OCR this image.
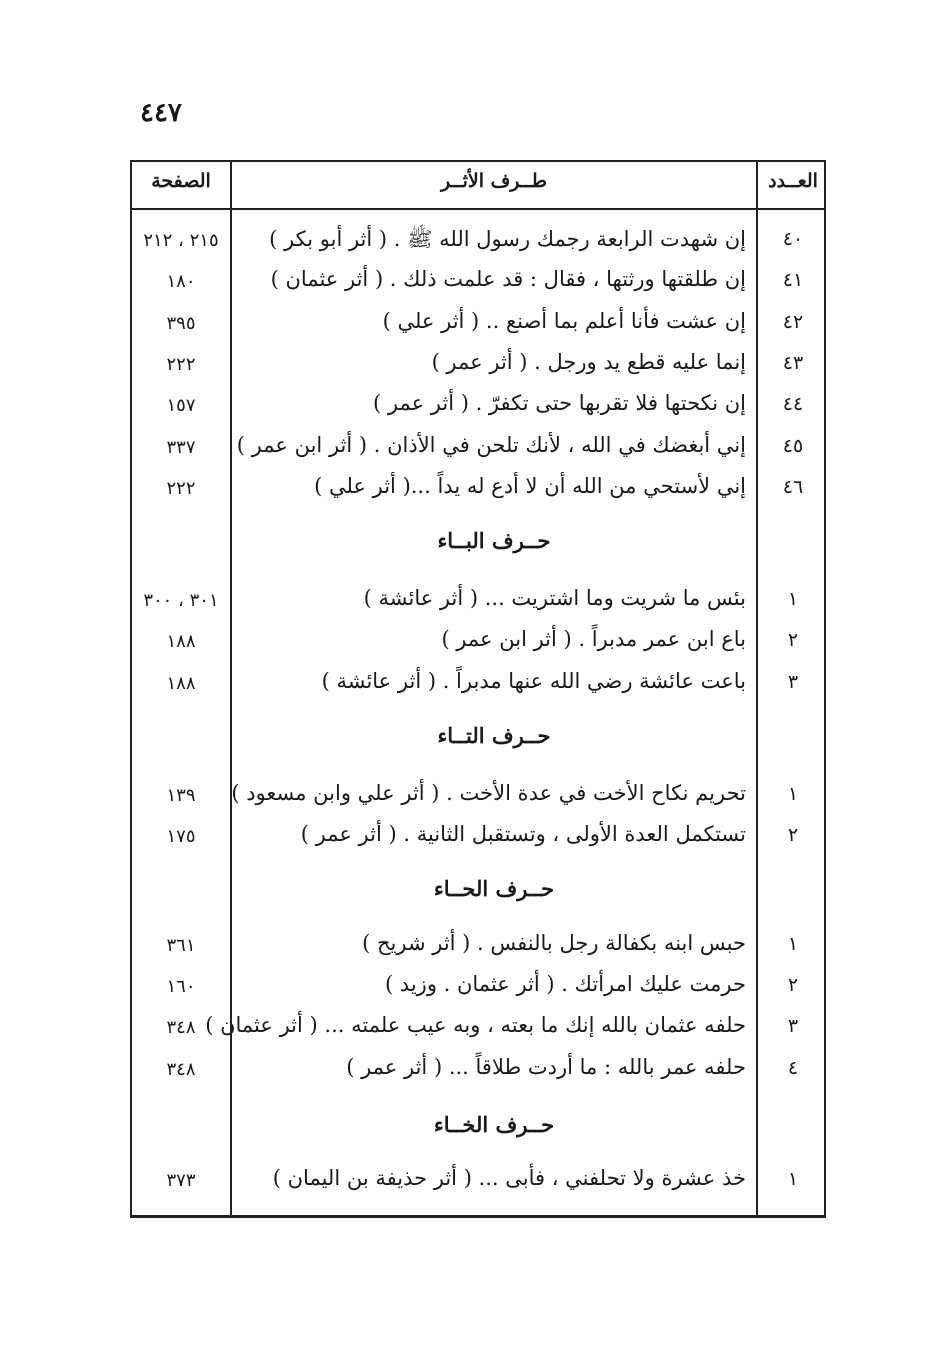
٤٤٧
الصفحة	طــرف الأثــر	العــدد
٤٠
إن شهدت الرابعة رجمك رسول الله ﷺ . ( أثر أبو بكر )
٢١٥ ، ٢١٢
٤١
إن طلقتها ورثتها ، فقال : قد علمت ذلك . ( أثر عثمان )
١٨٠
٤٢
إن عشت فأنا أعلم بما أصنع .. ( أثر علي )
٣٩٥
٤٣
إنما عليه قطع يد ورجل . ( أثر عمر )
٢٢٢
٤٤
إن نكحتها فلا تقربها حتى تكفرّ . ( أثر عمر )
١٥٧
٤٥
إني أبغضك في الله ، لأنك تلحن في الأذان . ( أثر ابن عمر )
٣٣٧
٤٦
إني لأستحي من الله أن لا أدع له يداً ...( أثر علي )
٢٢٢
حــرف البــاء
١
بئس ما شريت وما اشتريت ... ( أثر عائشة )
٣٠١ ، ٣٠٠
٢
باع ابن عمر مدبراً . ( أثر ابن عمر )
١٨٨
٣
باعت عائشة رضي الله عنها مدبراً . ( أثر عائشة )
١٨٨
حــرف التــاء
١
تحريم نكاح الأخت في عدة الأخت . ( أثر علي وابن مسعود )
١٣٩
٢
تستكمل العدة الأولى ، وتستقبل الثانية . ( أثر عمر )
١٧٥
حــرف الحــاء
١
حبس ابنه بكفالة رجل بالنفس . ( أثر شريح )
٣٦١
٢
حرمت عليك امرأتك . ( أثر عثمان . وزيد )
١٦٠
٣
حلفه عثمان بالله إنك ما بعته ، وبه عيب علمته ... ( أثر عثمان )
٣٤٨
٤
حلفه عمر بالله : ما أردت طلاقاً ... ( أثر عمر )
٣٤٨
حــرف الخــاء
١
خذ عشرة ولا تحلفني ، فأبى ... ( أثر حذيفة بن اليمان )
٣٧٣
